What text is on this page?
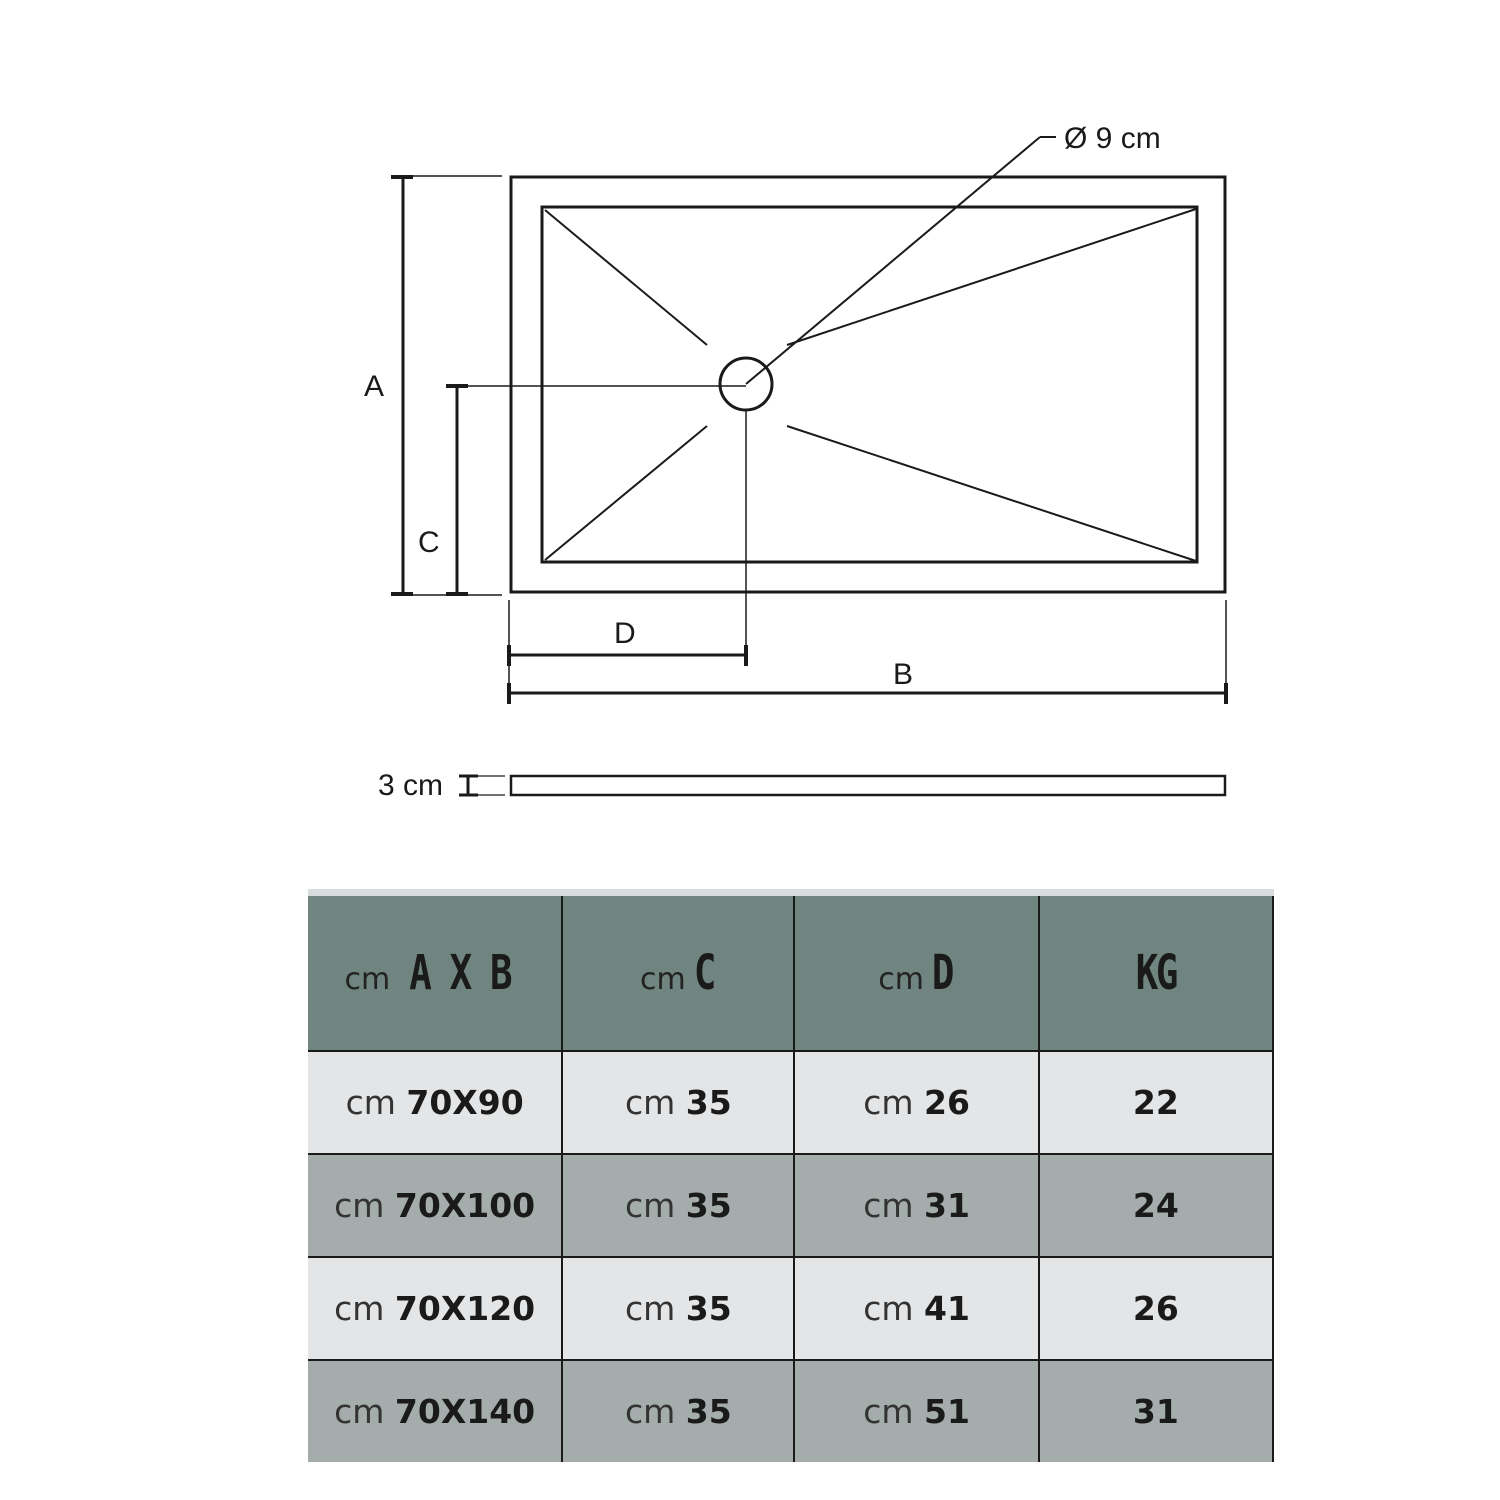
Ø 9 cm
A
C
D
B
3 cm
cm A X B	cm C	cm D	KG
cm 70X90	cm 35	cm 26	22
cm 70X100	cm 35	cm 31	24
cm 70X120	cm 35	cm 41	26
cm 70X140	cm 35	cm 51	31
